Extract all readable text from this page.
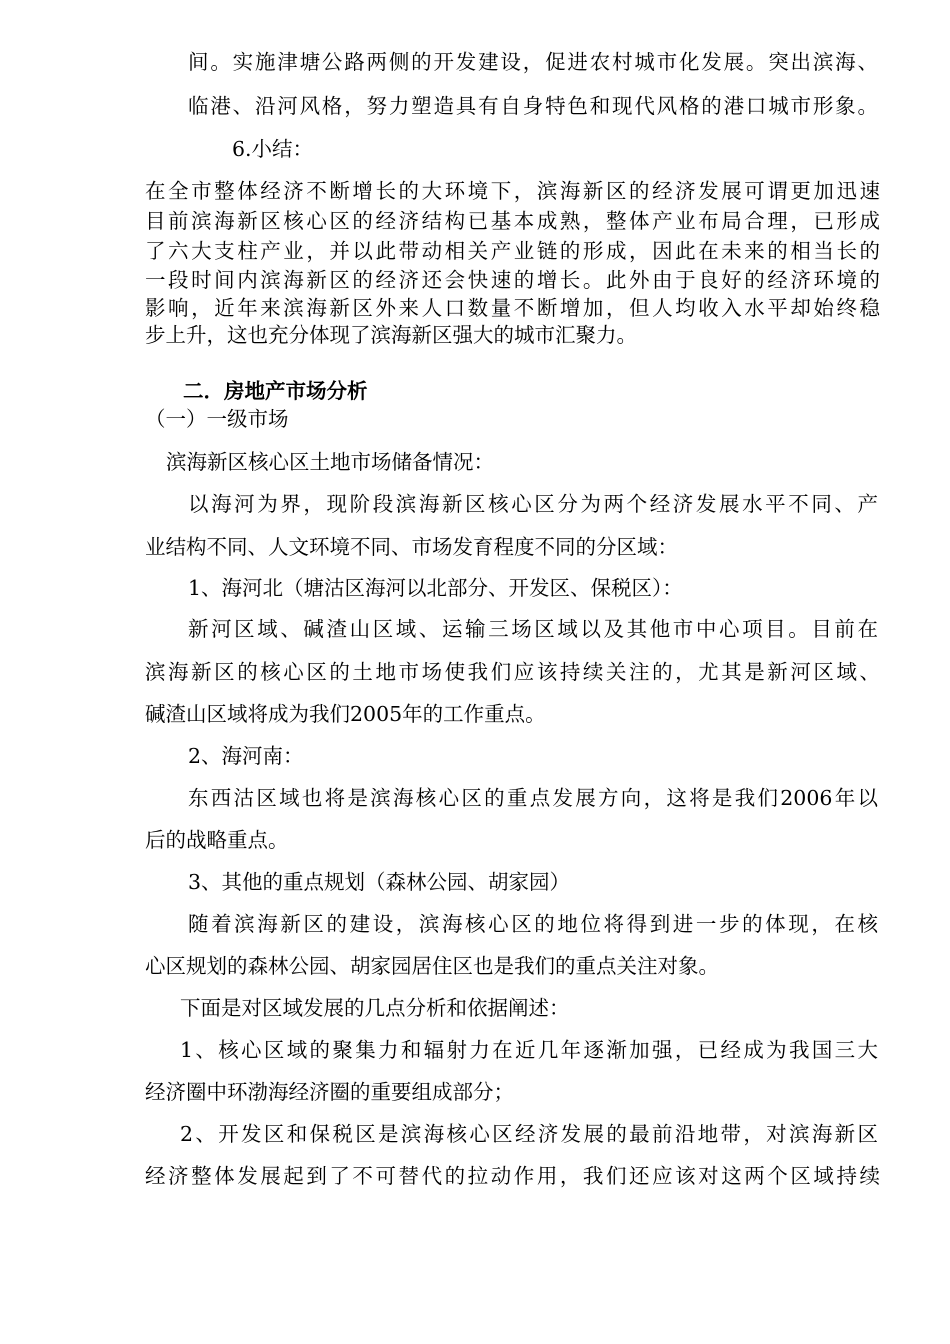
间。实施津塘公路两侧的开发建设，促进农村城市化发展。突出滨海、
临港、沿河风格，努力塑造具有自身特色和现代风格的港口城市形象。
6.小结：
在全市整体经济不断增长的大环境下，滨海新区的经济发展可谓更加迅速
目前滨海新区核心区的经济结构已基本成熟，整体产业布局合理，已形成
了六大支柱产业，并以此带动相关产业链的形成，因此在未来的相当长的
一段时间内滨海新区的经济还会快速的增长。此外由于良好的经济环境的
影响，近年来滨海新区外来人口数量不断增加，但人均收入水平却始终稳
步上升，这也充分体现了滨海新区强大的城市汇聚力。
二．房地产市场分析
（一）一级市场
滨海新区核心区土地市场储备情况：
以海河为界，现阶段滨海新区核心区分为两个经济发展水平不同、产
业结构不同、人文环境不同、市场发育程度不同的分区域：
1、海河北（塘沽区海河以北部分、开发区、保税区）：
新河区域、碱渣山区域、运输三场区域以及其他市中心项目。目前在
滨海新区的核心区的土地市场使我们应该持续关注的，尤其是新河区域、
碱渣山区域将成为我们2005年的工作重点。
2、海河南：
东西沽区域也将是滨海核心区的重点发展方向，这将是我们2006年以
后的战略重点。
3、其他的重点规划（森林公园、胡家园）
随着滨海新区的建设，滨海核心区的地位将得到进一步的体现，在核
心区规划的森林公园、胡家园居住区也是我们的重点关注对象。
下面是对区域发展的几点分析和依据阐述：
1、核心区域的聚集力和辐射力在近几年逐渐加强，已经成为我国三大
经济圈中环渤海经济圈的重要组成部分；
2、开发区和保税区是滨海核心区经济发展的最前沿地带，对滨海新区
经济整体发展起到了不可替代的拉动作用，我们还应该对这两个区域持续
